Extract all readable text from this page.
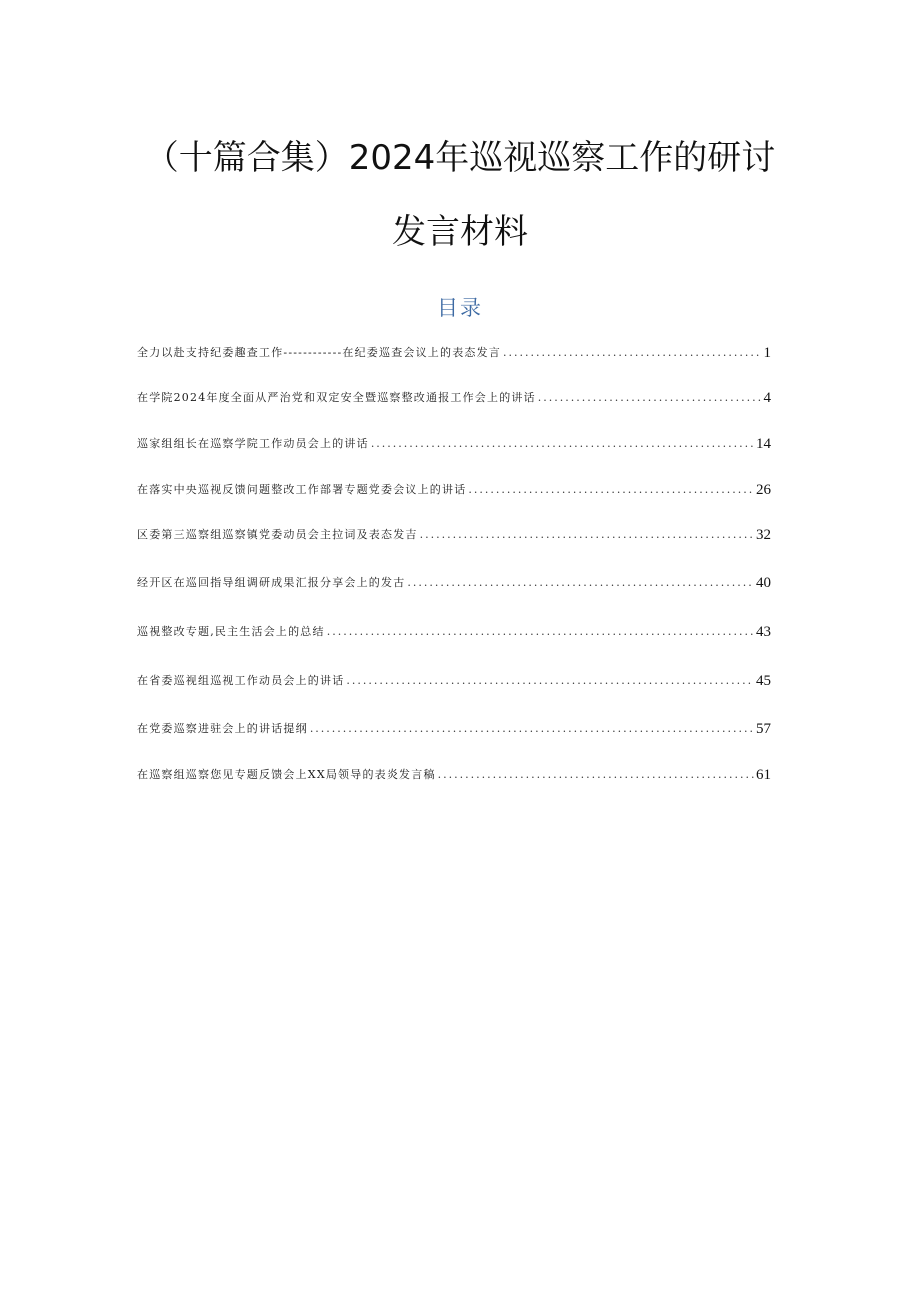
（十篇合集）2024年巡视巡察工作的研讨
发言材料
目录
全力以赴支持纪委趣查工作------------在纪委巡查会议上的表态发言 .....	1
在学院2024年度全面从严治党和双定安全暨巡察整改通报工作会上的讲话 .....	4
巡家组组长在巡察学院工作动员会上的讲话 .....	14
在落实中央巡视反馈问题整改工作部署专题党委会议上的讲话 .....	26
区委第三巡察组巡察镇党委动员会主拉词及表态发吉 .....	32
经开区在巡回指导组调研成果汇报分享会上的发古 .....	40
巡視整改专题,民主生活会上的总结 .....	43
在省委巡视组巡视工作动员会上的讲话 .....	45
在党委巡察进驻会上的讲话提纲 .....	57
在巡察组巡察您见专题反馈会上XX局领导的表炎发言稿 .....	61
